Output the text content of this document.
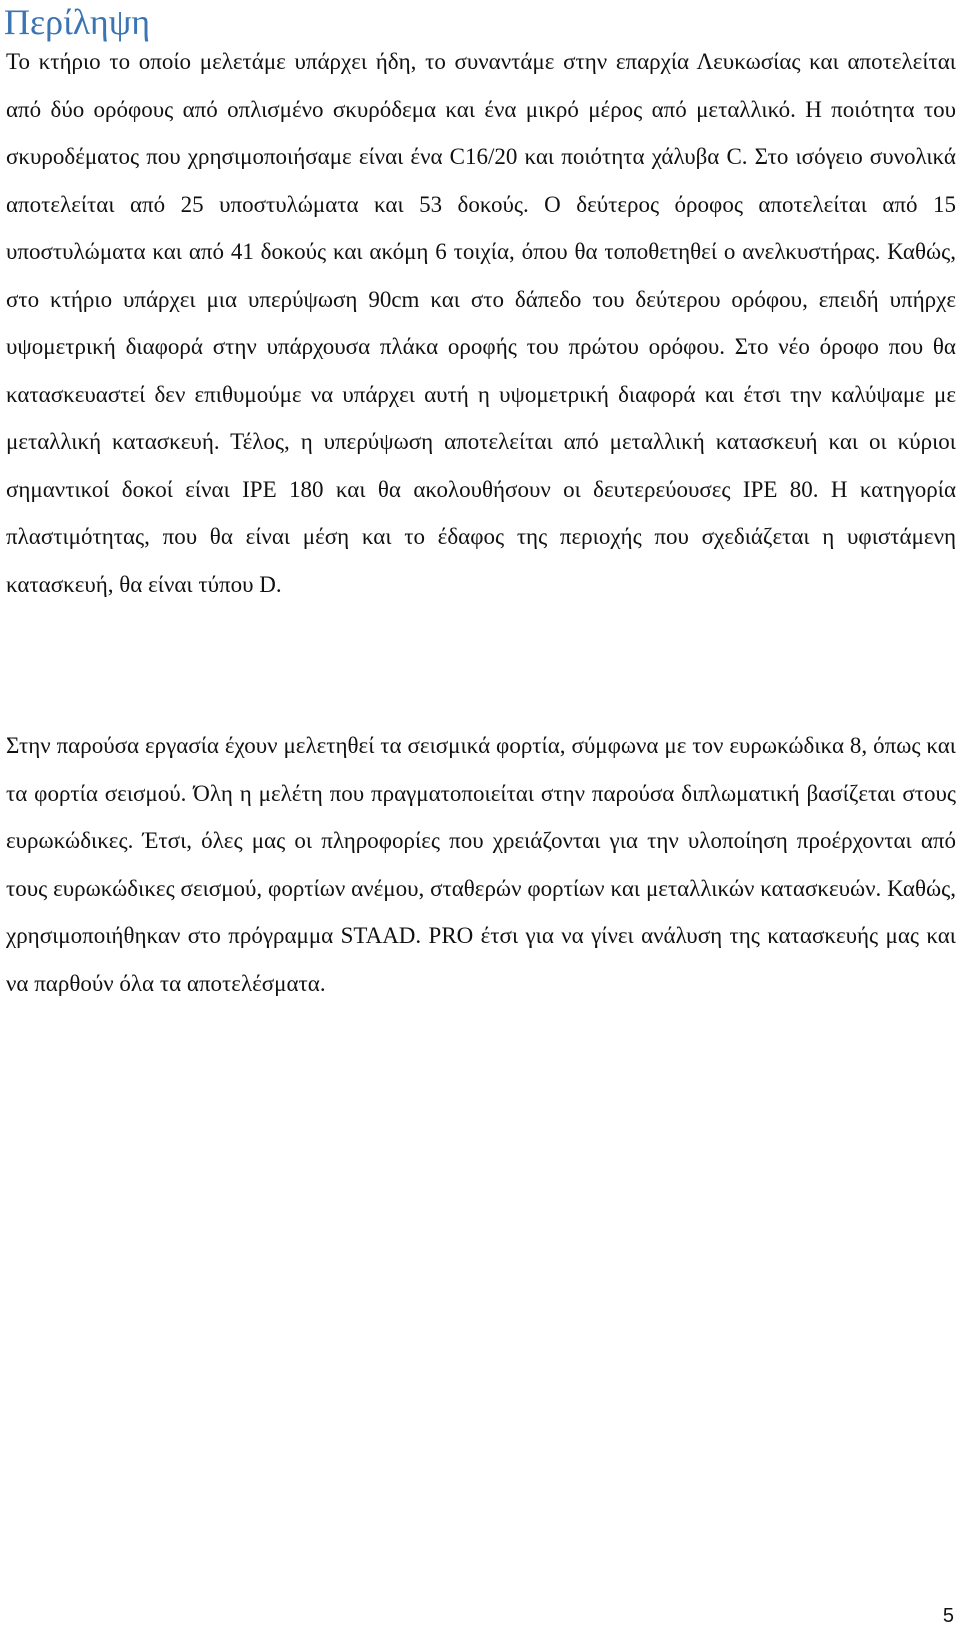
Περίληψη

Το κτήριο το οποίο μελετάμε υπάρχει ήδη, το συναντάμε στην επαρχία Λευκωσίας και αποτελείται από δύο ορόφους από οπλισμένο σκυρόδεμα και ένα μικρό μέρος από μεταλλικό. Η ποιότητα του σκυροδέματος που χρησιμοποιήσαμε είναι ένα C16/20 και ποιότητα χάλυβα C. Στο ισόγειο συνολικά αποτελείται από 25 υποστυλώματα και 53 δοκούς. Ο δεύτερος όροφος αποτελείται από 15 υποστυλώματα και από 41 δοκούς και ακόμη 6 τοιχία, όπου θα τοποθετηθεί ο ανελκυστήρας. Καθώς, στο κτήριο υπάρχει μια υπερύψωση 90cm και στο δάπεδο του δεύτερου ορόφου, επειδή υπήρχε υψομετρική διαφορά στην υπάρχουσα πλάκα οροφής του πρώτου ορόφου. Στο νέο όροφο που θα κατασκευαστεί δεν επιθυμούμε να υπάρχει αυτή η υψομετρική διαφορά και έτσι την καλύψαμε με μεταλλική κατασκευή. Τέλος, η υπερύψωση αποτελείται από μεταλλική κατασκευή και οι κύριοι σημαντικοί δοκοί είναι IPE 180 και θα ακολουθήσουν οι δευτερεύουσες IPE 80. Η κατηγορία πλαστιμότητας, που θα είναι μέση και το έδαφος της περιοχής που σχεδιάζεται η υφιστάμενη κατασκευή, θα είναι τύπου D.

Στην παρούσα εργασία έχουν μελετηθεί τα σεισμικά φορτία, σύμφωνα με τον ευρωκώδικα 8, όπως και τα φορτία σεισμού. Όλη η μελέτη που πραγματοποιείται στην παρούσα διπλωματική βασίζεται στους ευρωκώδικες. Έτσι, όλες μας οι πληροφορίες που χρειάζονται για την υλοποίηση προέρχονται από τους ευρωκώδικες σεισμού, φορτίων ανέμου, σταθερών φορτίων και μεταλλικών κατασκευών. Καθώς, χρησιμοποιήθηκαν στο πρόγραμμα STAAD. PRO έτσι για να γίνει ανάλυση της κατασκευής μας και να παρθούν όλα τα αποτελέσματα.

5
